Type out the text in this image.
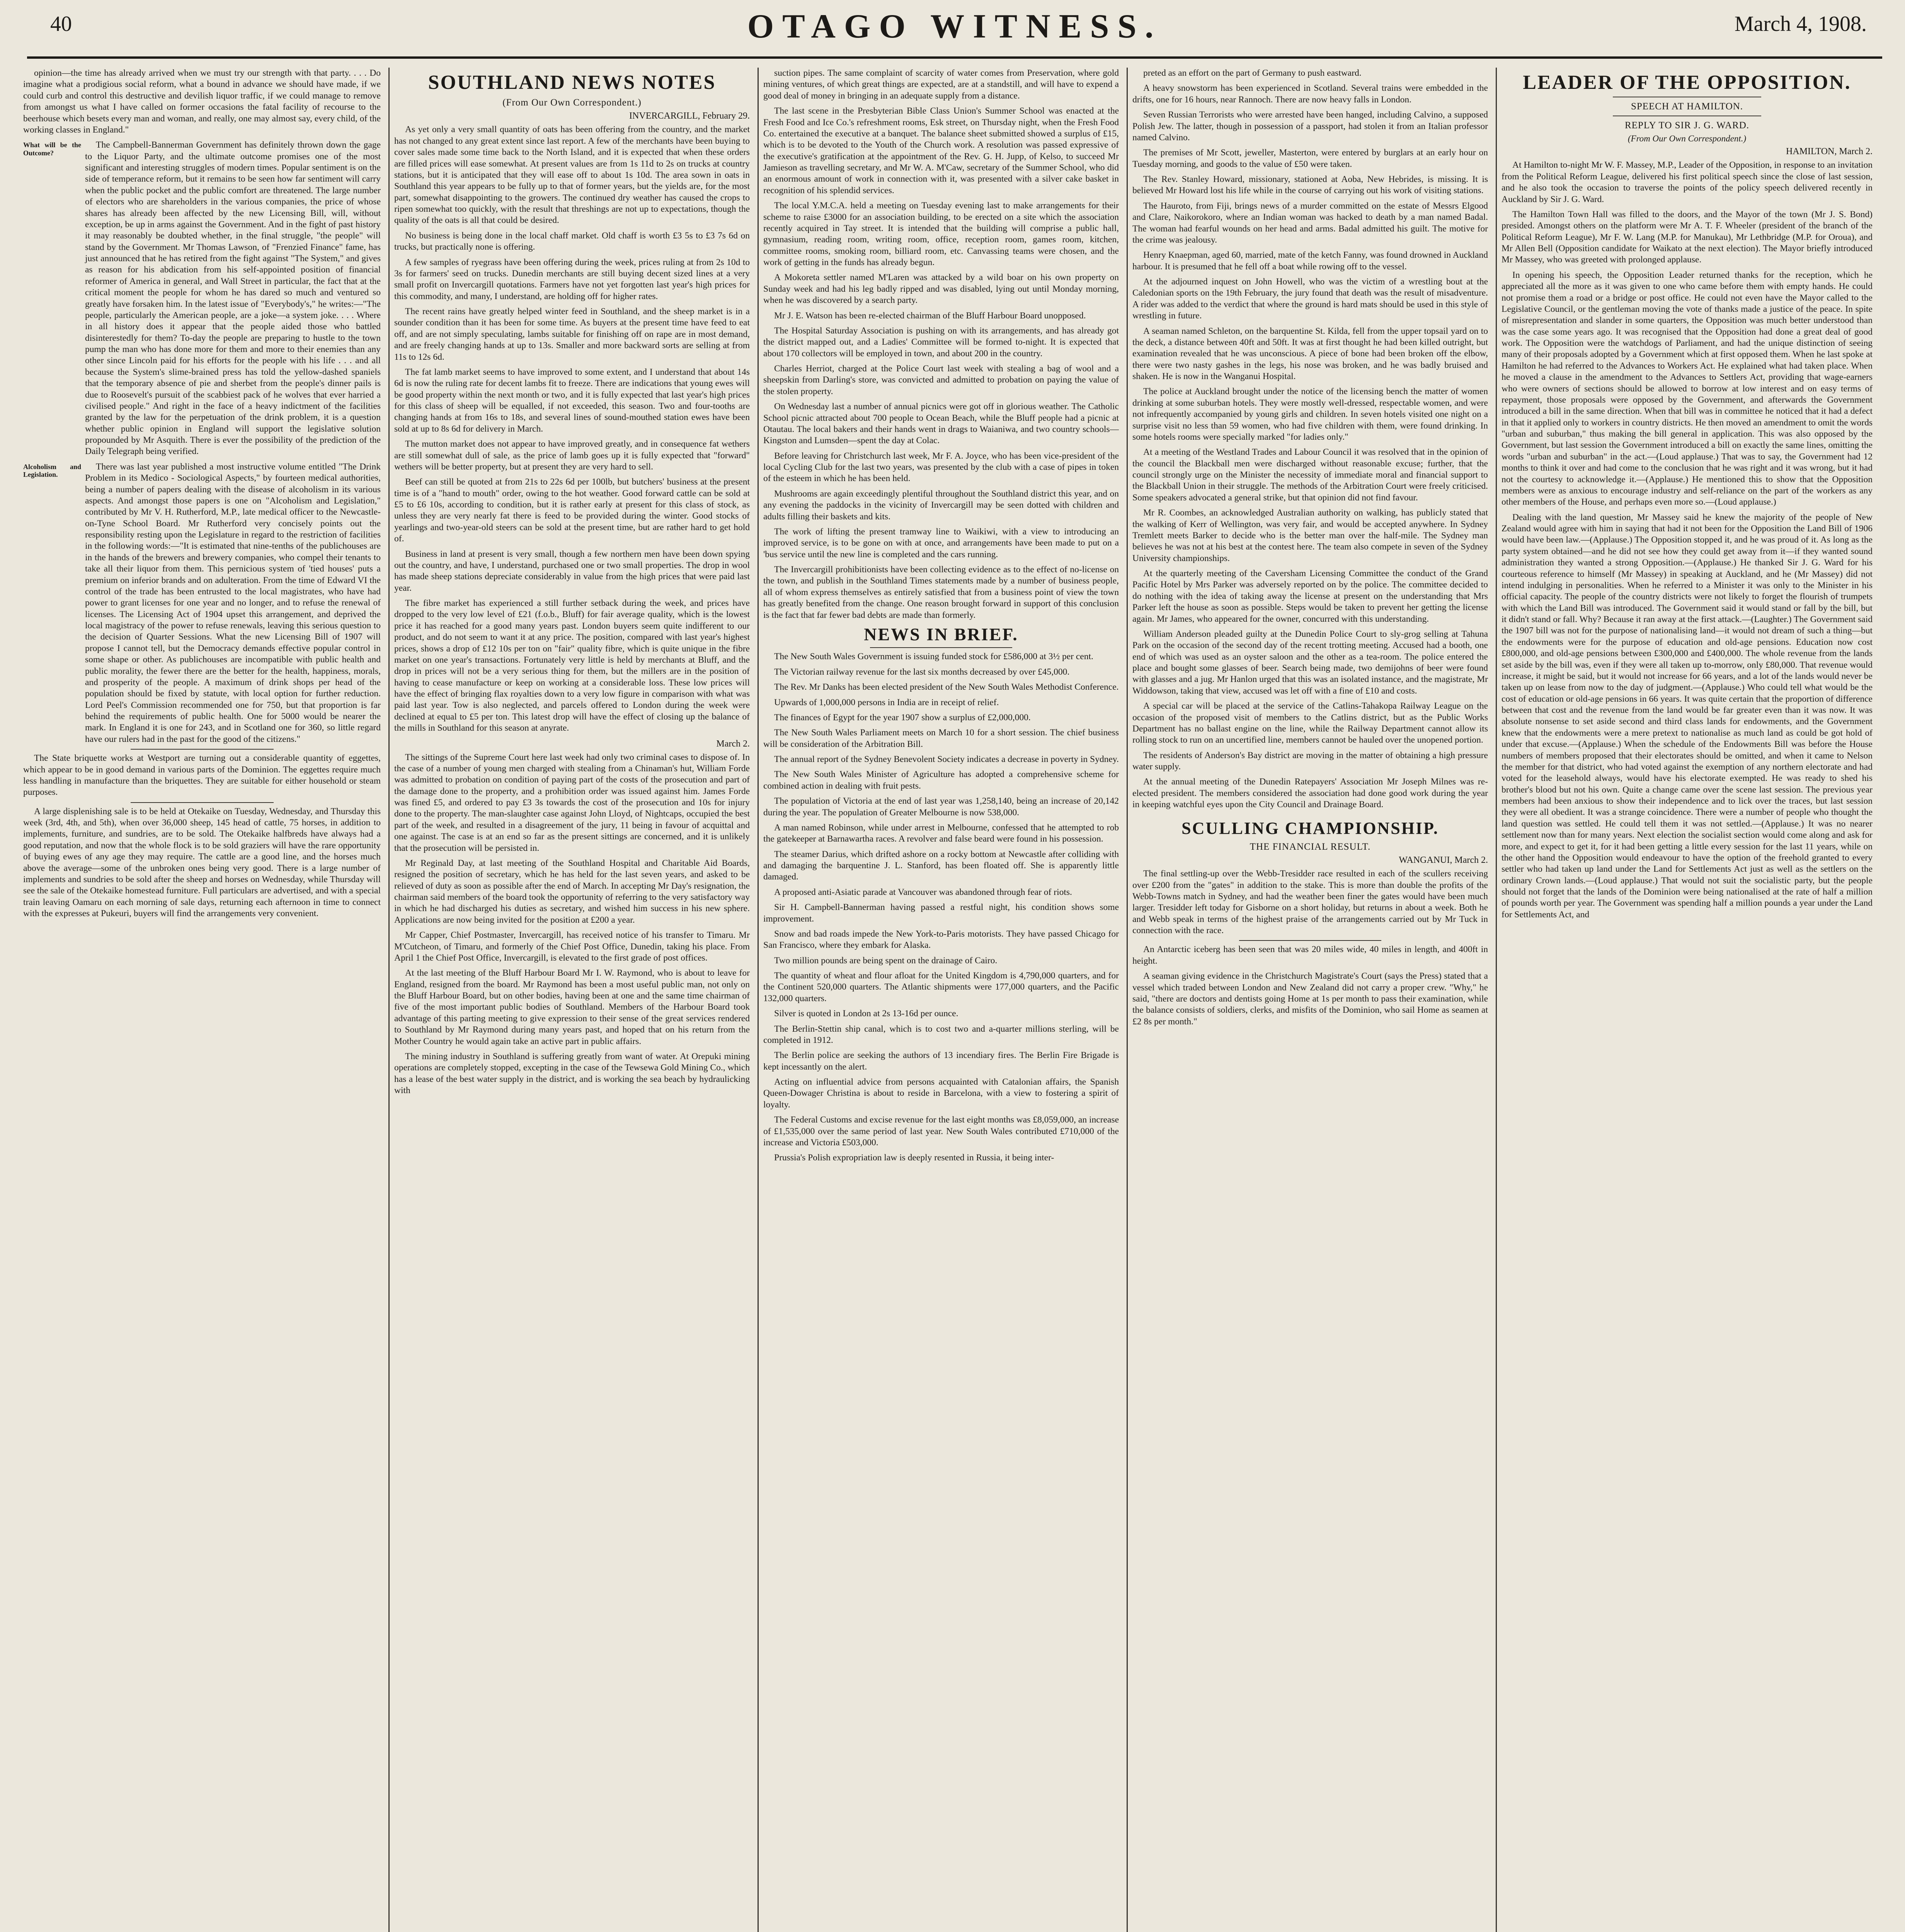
40	OTAGO WITNESS.	March 4, 1908.

opinion—the time has already arrived when we must try our strength with that party. . . . Do imagine what a prodigious social reform, what a bound in advance we should have made, if we could curb and control this destructive and devilish liquor traffic, if we could manage to remove from amongst us what I have called on former occasions the fatal facility of recourse to the beerhouse which besets every man and woman, and really, one may almost say, every child, of the working classes in England."

What will be the Outcome?

The Campbell-Bannerman Government has definitely thrown down the gage to the Liquor Party, and the ultimate outcome promises one of the most significant and interesting struggles of modern times. Popular sentiment is on the side of temperance reform, but it remains to be seen how far sentiment will carry when the public pocket and the public comfort are threatened. The large number of electors who are shareholders in the various companies, the price of whose shares has already been affected by the new Licensing Bill, will, without exception, be up in arms against the Government. And in the fight of past history it may reasonably be doubted whether, in the final struggle, "the people" will stand by the Government. Mr Thomas Lawson, of "Frenzied Finance" fame, has just announced that he has retired from the fight against "The System," and gives as reason for his abdication from his self-appointed position of financial reformer of America in general, and Wall Street in particular, the fact that at the critical moment the people for whom he has dared so much and ventured so greatly have forsaken him. In the latest issue of "Everybody's," he writes:—"The people, particularly the American people, are a joke—a system joke. . . . Where in all history does it appear that the people aided those who battled disinterestedly for them? To-day the people are preparing to hustle to the town pump the man who has done more for them and more to their enemies than any other since Lincoln paid for his efforts for the people with his life . . . and all because the System's slime-brained press has told the yellow-dashed spaniels that the temporary absence of pie and sherbet from the people's dinner pails is due to Roosevelt's pursuit of the scabbiest pack of he wolves that ever harried a civilised people." And right in the face of a heavy indictment of the facilities granted by the law for the perpetuation of the drink problem, it is a question whether public opinion in England will support the legislative solution propounded by Mr Asquith. There is ever the possibility of the prediction of the Daily Telegraph being verified.

Alcoholism and Legislation.

There was last year published a most instructive volume entitled "The Drink Problem in its Medico - Sociological Aspects," by fourteen medical authorities, being a number of papers dealing with the disease of alcoholism in its various aspects. And amongst those papers is one on "Alcoholism and Legislation," contributed by Mr V. H. Rutherford, M.P., late medical officer to the Newcastle-on-Tyne School Board. Mr Rutherford very concisely points out the responsibility resting upon the Legislature in regard to the restriction of facilities in the following words:—"It is estimated that nine-tenths of the publichouses are in the hands of the brewers and brewery companies, who compel their tenants to take all their liquor from them. This pernicious system of 'tied houses' puts a premium on inferior brands and on adulteration. From the time of Edward VI the control of the trade has been entrusted to the local magistrates, who have had power to grant licenses for one year and no longer, and to refuse the renewal of licenses. The Licensing Act of 1904 upset this arrangement, and deprived the local magistracy of the power to refuse renewals, leaving this serious question to the decision of Quarter Sessions. What the new Licensing Bill of 1907 will propose I cannot tell, but the Democracy demands effective popular control in some shape or other. As publichouses are incompatible with public health and public morality, the fewer there are the better for the health, happiness, morals, and prosperity of the people. A maximum of drink shops per head of the population should be fixed by statute, with local option for further reduction. Lord Peel's Commission recommended one for 750, but that proportion is far behind the requirements of public health. One for 5000 would be nearer the mark. In England it is one for 243, and in Scotland one for 360, so little regard have our rulers had in the past for the good of the citizens."

The State briquette works at Westport are turning out a considerable quantity of eggettes, which appear to be in good demand in various parts of the Dominion. The eggettes require much less handling in manufacture than the briquettes. They are suitable for either household or steam purposes.

A large displenishing sale is to be held at Otekaike on Tuesday, Wednesday, and Thursday this week (3rd, 4th, and 5th), when over 36,000 sheep, 145 head of cattle, 75 horses, in addition to implements, furniture, and sundries, are to be sold. The Otekaike halfbreds have always had a good reputation, and now that the whole flock is to be sold graziers will have the rare opportunity of buying ewes of any age they may require. The cattle are a good line, and the horses much above the average—some of the unbroken ones being very good. There is a large number of implements and sundries to be sold after the sheep and horses on Wednesday, while Thursday will see the sale of the Otekaike homestead furniture. Full particulars are advertised, and with a special train leaving Oamaru on each morning of sale days, returning each afternoon in time to connect with the expresses at Pukeuri, buyers will find the arrangements very convenient.

SOUTHLAND NEWS NOTES
(From Our Own Correspondent.)
INVERCARGILL, February 29.

As yet only a very small quantity of oats has been offering from the country, and the market has not changed to any great extent since last report. A few of the merchants have been buying to cover sales made some time back to the North Island, and it is expected that when these orders are filled prices will ease somewhat. At present values are from 1s 11d to 2s on trucks at country stations, but it is anticipated that they will ease off to about 1s 10d. The area sown in oats in Southland this year appears to be fully up to that of former years, but the yields are, for the most part, somewhat disappointing to the growers. The continued dry weather has caused the crops to ripen somewhat too quickly, with the result that threshings are not up to expectations, though the quality of the oats is all that could be desired.

No business is being done in the local chaff market. Old chaff is worth £3 5s to £3 7s 6d on trucks, but practically none is offering.

A few samples of ryegrass have been offering during the week, prices ruling at from 2s 10d to 3s for farmers' seed on trucks. Dunedin merchants are still buying decent sized lines at a very small profit on Invercargill quotations. Farmers have not yet forgotten last year's high prices for this commodity, and many, I understand, are holding off for higher rates.

The recent rains have greatly helped winter feed in Southland, and the sheep market is in a sounder condition than it has been for some time. As buyers at the present time have feed to eat off, and are not simply speculating, lambs suitable for finishing off on rape are in most demand, and are freely changing hands at up to 13s. Smaller and more backward sorts are selling at from 11s to 12s 6d.

The fat lamb market seems to have improved to some extent, and I understand that about 14s 6d is now the ruling rate for decent lambs fit to freeze. There are indications that young ewes will be good property within the next month or two, and it is fully expected that last year's high prices for this class of sheep will be equalled, if not exceeded, this season. Two and four-tooths are changing hands at from 16s to 18s, and several lines of sound-mouthed station ewes have been sold at up to 8s 6d for delivery in March.

The mutton market does not appear to have improved greatly, and in consequence fat wethers are still somewhat dull of sale, as the price of lamb goes up it is fully expected that "forward" wethers will be better property, but at present they are very hard to sell.

Beef can still be quoted at from 21s to 22s 6d per 100lb, but butchers' business at the present time is of a "hand to mouth" order, owing to the hot weather. Good forward cattle can be sold at £5 to £6 10s, according to condition, but it is rather early at present for this class of stock, as unless they are very nearly fat there is feed to be provided during the winter. Good stocks of yearlings and two-year-old steers can be sold at the present time, but are rather hard to get hold of.

Business in land at present is very small, though a few northern men have been down spying out the country, and have, I understand, purchased one or two small properties. The drop in wool has made sheep stations depreciate considerably in value from the high prices that were paid last year.

The fibre market has experienced a still further setback during the week, and prices have dropped to the very low level of £21 (f.o.b., Bluff) for fair average quality, which is the lowest price it has reached for a good many years past. London buyers seem quite indifferent to our product, and do not seem to want it at any price. The position, compared with last year's highest prices, shows a drop of £12 10s per ton on "fair" quality fibre, which is quite unique in the fibre market on one year's transactions. Fortunately very little is held by merchants at Bluff, and the drop in prices will not be a very serious thing for them, but the millers are in the position of having to cease manufacture or keep on working at a considerable loss. These low prices will have the effect of bringing flax royalties down to a very low figure in comparison with what was paid last year. Tow is also neglected, and parcels offered to London during the week were declined at equal to £5 per ton. This latest drop will have the effect of closing up the balance of the mills in Southland for this season at anyrate.

March 2.

The sittings of the Supreme Court here last week had only two criminal cases to dispose of. In the case of a number of young men charged with stealing from a Chinaman's hut, William Forde was admitted to probation on condition of paying part of the costs of the prosecution and part of the damage done to the property, and a prohibition order was issued against him. James Forde was fined £5, and ordered to pay £3 3s towards the cost of the prosecution and 10s for injury done to the property. The man-slaughter case against John Lloyd, of Nightcaps, occupied the best part of the week, and resulted in a disagreement of the jury, 11 being in favour of acquittal and one against. The case is at an end so far as the present sittings are concerned, and it is unlikely that the prosecution will be persisted in.

Mr Reginald Day, at last meeting of the Southland Hospital and Charitable Aid Boards, resigned the position of secretary, which he has held for the last seven years, and asked to be relieved of duty as soon as possible after the end of March. In accepting Mr Day's resignation, the chairman said members of the board took the opportunity of referring to the very satisfactory way in which he had discharged his duties as secretary, and wished him success in his new sphere. Applications are now being invited for the position at £200 a year.

Mr Capper, Chief Postmaster, Invercargill, has received notice of his transfer to Timaru. Mr M'Cutcheon, of Timaru, and formerly of the Chief Post Office, Dunedin, taking his place. From April 1 the Chief Post Office, Invercargill, is elevated to the first grade of post offices.

At the last meeting of the Bluff Harbour Board Mr I. W. Raymond, who is about to leave for England, resigned from the board. Mr Raymond has been a most useful public man, not only on the Bluff Harbour Board, but on other bodies, having been at one and the same time chairman of five of the most important public bodies of Southland. Members of the Harbour Board took advantage of this parting meeting to give expression to their sense of the great services rendered to Southland by Mr Raymond during many years past, and hoped that on his return from the Mother Country he would again take an active part in public affairs.

The mining industry in Southland is suffering greatly from want of water. At Orepuki mining operations are completely stopped, excepting in the case of the Tewsewa Gold Mining Co., which has a lease of the best water supply in the district, and is working the sea beach by hydraulicking with

suction pipes. The same complaint of scarcity of water comes from Preservation, where gold mining ventures, of which great things are expected, are at a standstill, and will have to expend a good deal of money in bringing in an adequate supply from a distance.

The last scene in the Presbyterian Bible Class Union's Summer School was enacted at the Fresh Food and Ice Co.'s refreshment rooms, Esk street, on Thursday night, when the Fresh Food Co. entertained the executive at a banquet. The balance sheet submitted showed a surplus of £15, which is to be devoted to the Youth of the Church work. A resolution was passed expressive of the executive's gratification at the appointment of the Rev. G. H. Jupp, of Kelso, to succeed Mr Jamieson as travelling secretary, and Mr W. A. M'Caw, secretary of the Summer School, who did an enormous amount of work in connection with it, was presented with a silver cake basket in recognition of his splendid services.

The local Y.M.C.A. held a meeting on Tuesday evening last to make arrangements for their scheme to raise £3000 for an association building, to be erected on a site which the association recently acquired in Tay street. It is intended that the building will comprise a public hall, gymnasium, reading room, writing room, office, reception room, games room, kitchen, committee rooms, smoking room, billiard room, etc. Canvassing teams were chosen, and the work of getting in the funds has already begun.

A Mokoreta settler named M'Laren was attacked by a wild boar on his own property on Sunday week and had his leg badly ripped and was disabled, lying out until Monday morning, when he was discovered by a search party.

Mr J. E. Watson has been re-elected chairman of the Bluff Harbour Board unopposed.

The Hospital Saturday Association is pushing on with its arrangements, and has already got the district mapped out, and a Ladies' Committee will be formed to-night. It is expected that about 170 collectors will be employed in town, and about 200 in the country.

Charles Herriot, charged at the Police Court last week with stealing a bag of wool and a sheepskin from Darling's store, was convicted and admitted to probation on paying the value of the stolen property.

On Wednesday last a number of annual picnics were got off in glorious weather. The Catholic School picnic attracted about 700 people to Ocean Beach, while the Bluff people had a picnic at Otautau. The local bakers and their hands went in drags to Waianiwa, and two country schools—Kingston and Lumsden—spent the day at Colac.

Before leaving for Christchurch last week, Mr F. A. Joyce, who has been vice-president of the local Cycling Club for the last two years, was presented by the club with a case of pipes in token of the esteem in which he has been held.

Mushrooms are again exceedingly plentiful throughout the Southland district this year, and on any evening the paddocks in the vicinity of Invercargill may be seen dotted with children and adults filling their baskets and kits.

The work of lifting the present tramway line to Waikiwi, with a view to introducing an improved service, is to be gone on with at once, and arrangements have been made to put on a 'bus service until the new line is completed and the cars running.

The Invercargill prohibitionists have been collecting evidence as to the effect of no-license on the town, and publish in the Southland Times statements made by a number of business people, all of whom express themselves as entirely satisfied that from a business point of view the town has greatly benefited from the change. One reason brought forward in support of this conclusion is the fact that far fewer bad debts are made than formerly.

NEWS IN BRIEF.

The New South Wales Government is issuing funded stock for £586,000 at 3½ per cent.

The Victorian railway revenue for the last six months decreased by over £45,000.

The Rev. Mr Danks has been elected president of the New South Wales Methodist Conference.

Upwards of 1,000,000 persons in India are in receipt of relief.

The finances of Egypt for the year 1907 show a surplus of £2,000,000.

The New South Wales Parliament meets on March 10 for a short session. The chief business will be consideration of the Arbitration Bill.

The annual report of the Sydney Benevolent Society indicates a decrease in poverty in Sydney.

The New South Wales Minister of Agriculture has adopted a comprehensive scheme for combined action in dealing with fruit pests.

The population of Victoria at the end of last year was 1,258,140, being an increase of 20,142 during the year. The population of Greater Melbourne is now 538,000.

A man named Robinson, while under arrest in Melbourne, confessed that he attempted to rob the gatekeeper at Barnawartha races. A revolver and false beard were found in his possession.

The steamer Darius, which drifted ashore on a rocky bottom at Newcastle after colliding with and damaging the barquentine J. L. Stanford, has been floated off. She is apparently little damaged.

A proposed anti-Asiatic parade at Vancouver was abandoned through fear of riots.

Sir H. Campbell-Bannerman having passed a restful night, his condition shows some improvement.

Snow and bad roads impede the New York-to-Paris motorists. They have passed Chicago for San Francisco, where they embark for Alaska.

Two million pounds are being spent on the drainage of Cairo.

The quantity of wheat and flour afloat for the United Kingdom is 4,790,000 quarters, and for the Continent 520,000 quarters. The Atlantic shipments were 177,000 quarters, and the Pacific 132,000 quarters.

Silver is quoted in London at 2s 13-16d per ounce.

The Berlin-Stettin ship canal, which is to cost two and a-quarter millions sterling, will be completed in 1912.

The Berlin police are seeking the authors of 13 incendiary fires. The Berlin Fire Brigade is kept incessantly on the alert.

Acting on influential advice from persons acquainted with Catalonian affairs, the Spanish Queen-Dowager Christina is about to reside in Barcelona, with a view to fostering a spirit of loyalty.

The Federal Customs and excise revenue for the last eight months was £8,059,000, an increase of £1,535,000 over the same period of last year. New South Wales contributed £710,000 of the increase and Victoria £503,000.

Prussia's Polish expropriation law is deeply resented in Russia, it being inter-

preted as an effort on the part of Germany to push eastward.

A heavy snowstorm has been experienced in Scotland. Several trains were embedded in the drifts, one for 16 hours, near Rannoch. There are now heavy falls in London.

Seven Russian Terrorists who were arrested have been hanged, including Calvino, a supposed Polish Jew. The latter, though in possession of a passport, had stolen it from an Italian professor named Calvino.

The premises of Mr Scott, jeweller, Masterton, were entered by burglars at an early hour on Tuesday morning, and goods to the value of £50 were taken.

The Rev. Stanley Howard, missionary, stationed at Aoba, New Hebrides, is missing. It is believed Mr Howard lost his life while in the course of carrying out his work of visiting stations.

The Hauroto, from Fiji, brings news of a murder committed on the estate of Messrs Elgood and Clare, Naikorokoro, where an Indian woman was hacked to death by a man named Badal. The woman had fearful wounds on her head and arms. Badal admitted his guilt. The motive for the crime was jealousy.

Henry Knaepman, aged 60, married, mate of the ketch Fanny, was found drowned in Auckland harbour. It is presumed that he fell off a boat while rowing off to the vessel.

At the adjourned inquest on John Howell, who was the victim of a wrestling bout at the Caledonian sports on the 19th February, the jury found that death was the result of misadventure. A rider was added to the verdict that where the ground is hard mats should be used in this style of wrestling in future.

A seaman named Schleton, on the barquentine St. Kilda, fell from the upper topsail yard on to the deck, a distance between 40ft and 50ft. It was at first thought he had been killed outright, but examination revealed that he was unconscious. A piece of bone had been broken off the elbow, there were two nasty gashes in the legs, his nose was broken, and he was badly bruised and shaken. He is now in the Wanganui Hospital.

The police at Auckland brought under the notice of the licensing bench the matter of women drinking at some suburban hotels. They were mostly well-dressed, respectable women, and were not infrequently accompanied by young girls and children. In seven hotels visited one night on a surprise visit no less than 59 women, who had five children with them, were found drinking. In some hotels rooms were specially marked "for ladies only."

At a meeting of the Westland Trades and Labour Council it was resolved that in the opinion of the council the Blackball men were discharged without reasonable excuse; further, that the council strongly urge on the Minister the necessity of immediate moral and financial support to the Blackball Union in their struggle. The methods of the Arbitration Court were freely criticised. Some speakers advocated a general strike, but that opinion did not find favour.

Mr R. Coombes, an acknowledged Australian authority on walking, has publicly stated that the walking of Kerr of Wellington, was very fair, and would be accepted anywhere. In Sydney Tremlett meets Barker to decide who is the better man over the half-mile. The Sydney man believes he was not at his best at the contest here. The team also compete in seven of the Sydney University championships.

At the quarterly meeting of the Caversham Licensing Committee the conduct of the Grand Pacific Hotel by Mrs Parker was adversely reported on by the police. The committee decided to do nothing with the idea of taking away the license at present on the understanding that Mrs Parker left the house as soon as possible. Steps would be taken to prevent her getting the license again. Mr James, who appeared for the owner, concurred with this understanding.

William Anderson pleaded guilty at the Dunedin Police Court to sly-grog selling at Tahuna Park on the occasion of the second day of the recent trotting meeting. Accused had a booth, one end of which was used as an oyster saloon and the other as a tea-room. The police entered the place and bought some glasses of beer. Search being made, two demijohns of beer were found with glasses and a jug. Mr Hanlon urged that this was an isolated instance, and the magistrate, Mr Widdowson, taking that view, accused was let off with a fine of £10 and costs.

A special car will be placed at the service of the Catlins-Tahakopa Railway League on the occasion of the proposed visit of members to the Catlins district, but as the Public Works Department has no ballast engine on the line, while the Railway Department cannot allow its rolling stock to run on an uncertified line, members cannot be hauled over the unopened portion.

The residents of Anderson's Bay district are moving in the matter of obtaining a high pressure water supply.

At the annual meeting of the Dunedin Ratepayers' Association Mr Joseph Milnes was re-elected president. The members considered the association had done good work during the year in keeping watchful eyes upon the City Council and Drainage Board.

SCULLING CHAMPIONSHIP.
THE FINANCIAL RESULT.
WANGANUI, March 2.

The final settling-up over the Webb-Tresidder race resulted in each of the scullers receiving over £200 from the "gates" in addition to the stake. This is more than double the profits of the Webb-Towns match in Sydney, and had the weather been finer the gates would have been much larger. Tresidder left today for Gisborne on a short holiday, but returns in about a week. Both he and Webb speak in terms of the highest praise of the arrangements carried out by Mr Tuck in connection with the race.

An Antarctic iceberg has been seen that was 20 miles wide, 40 miles in length, and 400ft in height.

A seaman giving evidence in the Christchurch Magistrate's Court (says the Press) stated that a vessel which traded between London and New Zealand did not carry a proper crew. "Why," he said, "there are doctors and dentists going Home at 1s per month to pass their examination, while the balance consists of soldiers, clerks, and misfits of the Dominion, who sail Home as seamen at £2 8s per month."

LEADER OF THE OPPOSITION.
SPEECH AT HAMILTON.
REPLY TO SIR J. G. WARD.
(From Our Own Correspondent.)
HAMILTON, March 2.

At Hamilton to-night Mr W. F. Massey, M.P., Leader of the Opposition, in response to an invitation from the Political Reform League, delivered his first political speech since the close of last session, and he also took the occasion to traverse the points of the policy speech delivered recently in Auckland by Sir J. G. Ward.

The Hamilton Town Hall was filled to the doors, and the Mayor of the town (Mr J. S. Bond) presided. Amongst others on the platform were Mr A. T. F. Wheeler (president of the branch of the Political Reform League), Mr F. W. Lang (M.P. for Manukau), Mr Lethbridge (M.P. for Oroua), and Mr Allen Bell (Opposition candidate for Waikato at the next election). The Mayor briefly introduced Mr Massey, who was greeted with prolonged applause.

In opening his speech, the Opposition Leader returned thanks for the reception, which he appreciated all the more as it was given to one who came before them with empty hands. He could not promise them a road or a bridge or post office. He could not even have the Mayor called to the Legislative Council, or the gentleman moving the vote of thanks made a justice of the peace. In spite of misrepresentation and slander in some quarters, the Opposition was much better understood than was the case some years ago. It was recognised that the Opposition had done a great deal of good work. The Opposition were the watchdogs of Parliament, and had the unique distinction of seeing many of their proposals adopted by a Government which at first opposed them. When he last spoke at Hamilton he had referred to the Advances to Workers Act. He explained what had taken place. When he moved a clause in the amendment to the Advances to Settlers Act, providing that wage-earners who were owners of sections should be allowed to borrow at low interest and on easy terms of repayment, those proposals were opposed by the Government, and afterwards the Government introduced a bill in the same direction. When that bill was in committee he noticed that it had a defect in that it applied only to workers in country districts. He then moved an amendment to omit the words "urban and suburban," thus making the bill general in application. This was also opposed by the Government, but last session the Government introduced a bill on exactly the same lines, omitting the words "urban and suburban" in the act.—(Loud applause.) That was to say, the Government had 12 months to think it over and had come to the conclusion that he was right and it was wrong, but it had not the courtesy to acknowledge it.—(Applause.) He mentioned this to show that the Opposition members were as anxious to encourage industry and self-reliance on the part of the workers as any other members of the House, and perhaps even more so.—(Loud applause.)

Dealing with the land question, Mr Massey said he knew the majority of the people of New Zealand would agree with him in saying that had it not been for the Opposition the Land Bill of 1906 would have been law.—(Applause.) The Opposition stopped it, and he was proud of it. As long as the party system obtained—and he did not see how they could get away from it—if they wanted sound administration they wanted a strong Opposition.—(Applause.) He thanked Sir J. G. Ward for his courteous reference to himself (Mr Massey) in speaking at Auckland, and he (Mr Massey) did not intend indulging in personalities. When he referred to a Minister it was only to the Minister in his official capacity. The people of the country districts were not likely to forget the flourish of trumpets with which the Land Bill was introduced. The Government said it would stand or fall by the bill, but it didn't stand or fall. Why? Because it ran away at the first attack.—(Laughter.) The Government said the 1907 bill was not for the purpose of nationalising land—it would not dream of such a thing—but the endowments were for the purpose of education and old-age pensions. Education now cost £800,000, and old-age pensions between £300,000 and £400,000. The whole revenue from the lands set aside by the bill was, even if they were all taken up to-morrow, only £80,000. That revenue would increase, it might be said, but it would not increase for 66 years, and a lot of the lands would never be taken up on lease from now to the day of judgment.—(Applause.) Who could tell what would be the cost of education or old-age pensions in 66 years. It was quite certain that the proportion of difference between that cost and the revenue from the land would be far greater even than it was now. It was absolute nonsense to set aside second and third class lands for endowments, and the Government knew that the endowments were a mere pretext to nationalise as much land as could be got hold of under that excuse.—(Applause.) When the schedule of the Endowments Bill was before the House numbers of members proposed that their electorates should be omitted, and when it came to Nelson the member for that district, who had voted against the exemption of any northern electorate and had voted for the leasehold always, would have his electorate exempted. He was ready to shed his brother's blood but not his own. Quite a change came over the scene last session. The previous year members had been anxious to show their independence and to lick over the traces, but last session they were all obedient. It was a strange coincidence. There were a number of people who thought the land question was settled. He could tell them it was not settled.—(Applause.) It was no nearer settlement now than for many years. Next election the socialist section would come along and ask for more, and expect to get it, for it had been getting a little every session for the last 11 years, while on the other hand the Opposition would endeavour to have the option of the freehold granted to every settler who had taken up land under the Land for Settlements Act just as well as the settlers on the ordinary Crown lands.—(Loud applause.) That would not suit the socialistic party, but the people should not forget that the lands of the Dominion were being nationalised at the rate of half a million of pounds worth per year. The Government was spending half a million pounds a year under the Land for Settlements Act, and
